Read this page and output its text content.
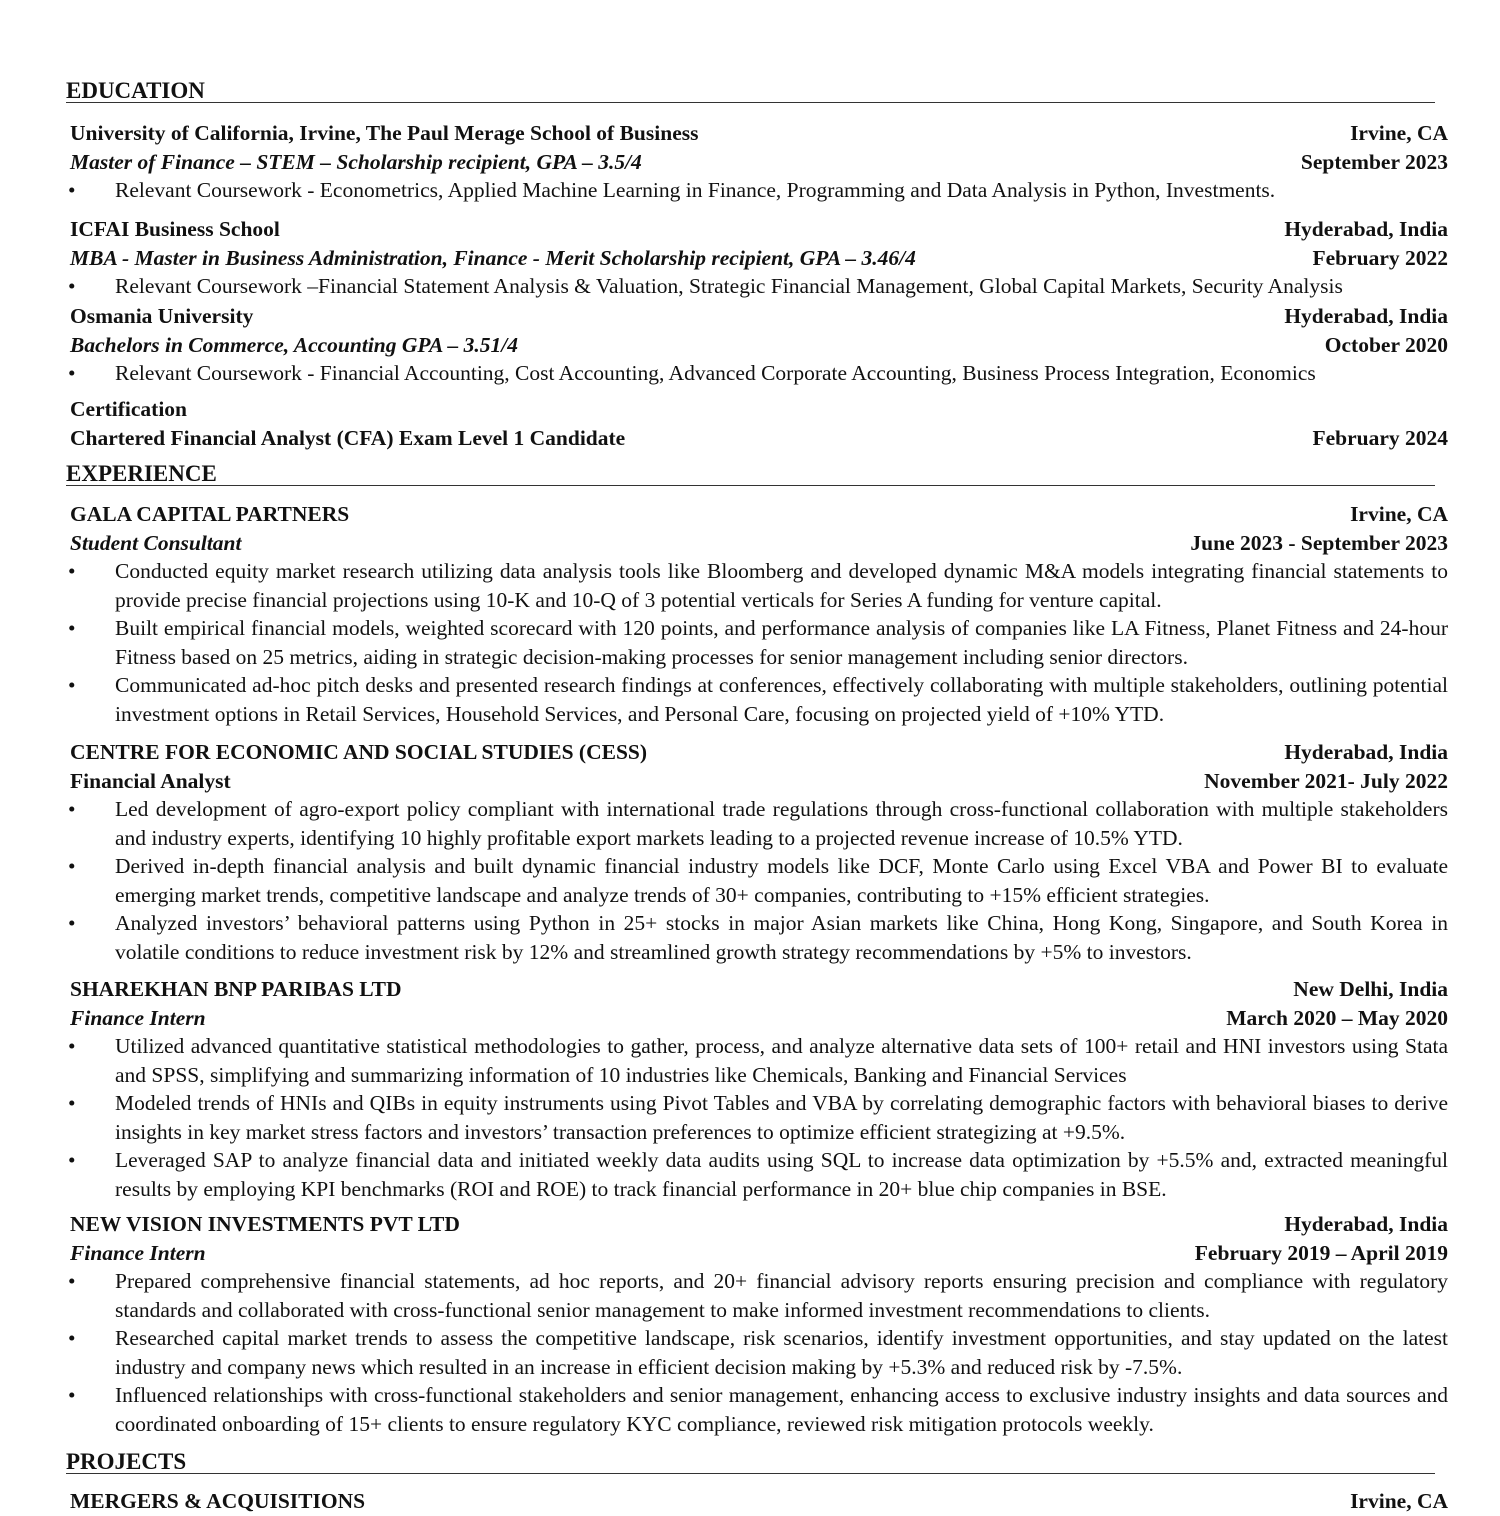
EDUCATION
University of California, Irvine, The Paul Merage School of Business	Irvine, CA
Master of Finance – STEM – Scholarship recipient, GPA – 3.5/4	September 2023
• Relevant Coursework - Econometrics, Applied Machine Learning in Finance, Programming and Data Analysis in Python, Investments.
ICFAI Business School	Hyderabad, India
MBA - Master in Business Administration, Finance - Merit Scholarship recipient, GPA – 3.46/4	February 2022
• Relevant Coursework –Financial Statement Analysis & Valuation, Strategic Financial Management, Global Capital Markets, Security Analysis
Osmania University	Hyderabad, India
Bachelors in Commerce, Accounting GPA – 3.51/4	October 2020
• Relevant Coursework - Financial Accounting, Cost Accounting, Advanced Corporate Accounting, Business Process Integration, Economics
Certification
Chartered Financial Analyst (CFA) Exam Level 1 Candidate	February 2024
EXPERIENCE
GALA CAPITAL PARTNERS	Irvine, CA
Student Consultant	June 2023 - September 2023
• Conducted equity market research utilizing data analysis tools like Bloomberg and developed dynamic M&A models integrating financial statements to provide precise financial projections using 10-K and 10-Q of 3 potential verticals for Series A funding for venture capital.
• Built empirical financial models, weighted scorecard with 120 points, and performance analysis of companies like LA Fitness, Planet Fitness and 24-hour Fitness based on 25 metrics, aiding in strategic decision-making processes for senior management including senior directors.
• Communicated ad-hoc pitch desks and presented research findings at conferences, effectively collaborating with multiple stakeholders, outlining potential investment options in Retail Services, Household Services, and Personal Care, focusing on projected yield of +10% YTD.
CENTRE FOR ECONOMIC AND SOCIAL STUDIES (CESS)	Hyderabad, India
Financial Analyst	November 2021- July 2022
• Led development of agro-export policy compliant with international trade regulations through cross-functional collaboration with multiple stakeholders and industry experts, identifying 10 highly profitable export markets leading to a projected revenue increase of 10.5% YTD.
• Derived in-depth financial analysis and built dynamic financial industry models like DCF, Monte Carlo using Excel VBA and Power BI to evaluate emerging market trends, competitive landscape and analyze trends of 30+ companies, contributing to +15% efficient strategies.
• Analyzed investors’ behavioral patterns using Python in 25+ stocks in major Asian markets like China, Hong Kong, Singapore, and South Korea in volatile conditions to reduce investment risk by 12% and streamlined growth strategy recommendations by +5% to investors.
SHAREKHAN BNP PARIBAS LTD	New Delhi, India
Finance Intern	March 2020 – May 2020
• Utilized advanced quantitative statistical methodologies to gather, process, and analyze alternative data sets of 100+ retail and HNI investors using Stata and SPSS, simplifying and summarizing information of 10 industries like Chemicals, Banking and Financial Services
• Modeled trends of HNIs and QIBs in equity instruments using Pivot Tables and VBA by correlating demographic factors with behavioral biases to derive insights in key market stress factors and investors’ transaction preferences to optimize efficient strategizing at +9.5%.
• Leveraged SAP to analyze financial data and initiated weekly data audits using SQL to increase data optimization by +5.5% and, extracted meaningful results by employing KPI benchmarks (ROI and ROE) to track financial performance in 20+ blue chip companies in BSE.
NEW VISION INVESTMENTS PVT LTD	Hyderabad, India
Finance Intern	February 2019 – April 2019
• Prepared comprehensive financial statements, ad hoc reports, and 20+ financial advisory reports ensuring precision and compliance with regulatory standards and collaborated with cross-functional senior management to make informed investment recommendations to clients.
• Researched capital market trends to assess the competitive landscape, risk scenarios, identify investment opportunities, and stay updated on the latest industry and company news which resulted in an increase in efficient decision making by +5.3% and reduced risk by -7.5%.
• Influenced relationships with cross-functional stakeholders and senior management, enhancing access to exclusive industry insights and data sources and coordinated onboarding of 15+ clients to ensure regulatory KYC compliance, reviewed risk mitigation protocols weekly.
PROJECTS
MERGERS & ACQUISITIONS	Irvine, CA
